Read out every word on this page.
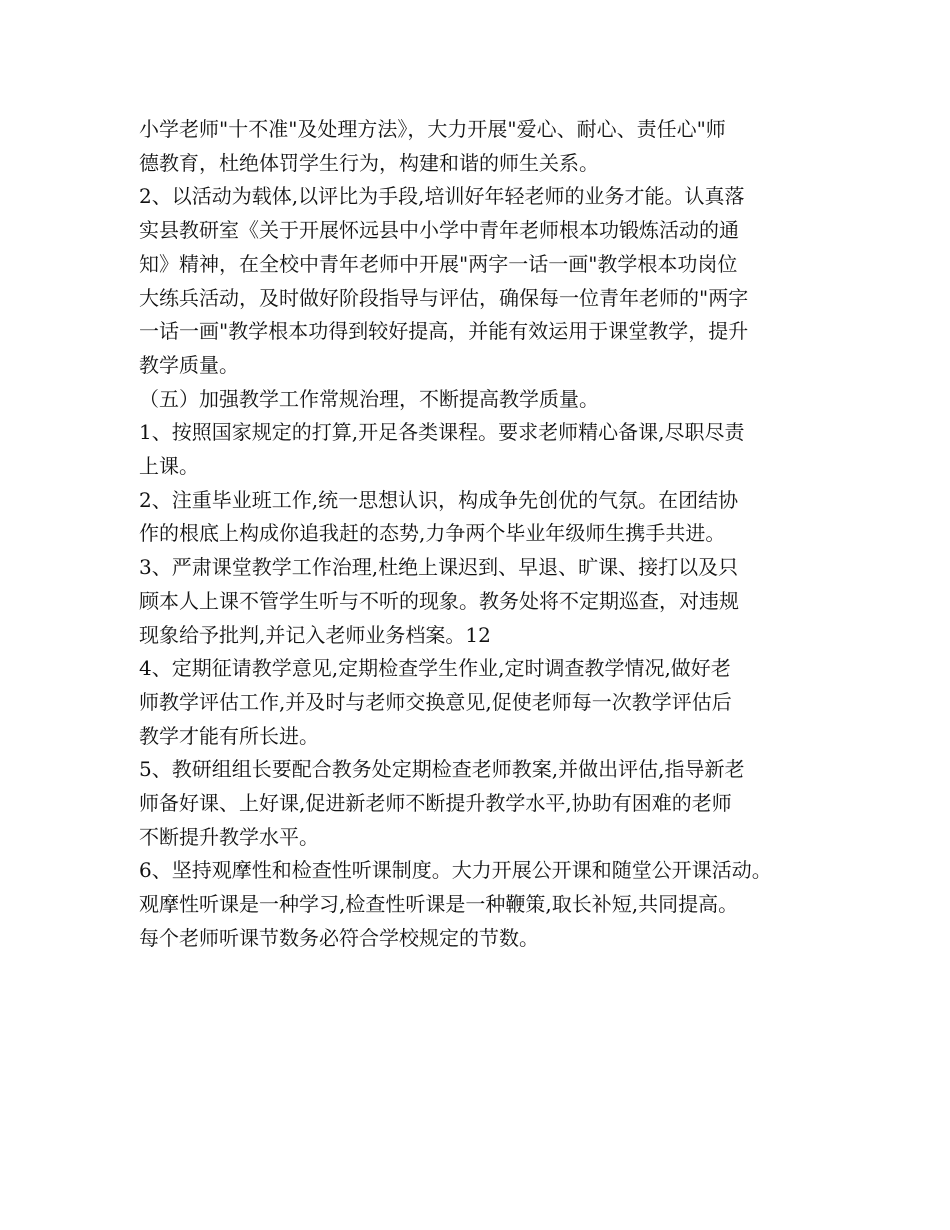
小学老师"十不准"及处理方法》，大力开展"爱心、耐心、责任心"师
德教育，杜绝体罚学生行为，构建和谐的师生关系。

2、以活动为载体,以评比为手段,培训好年轻老师的业务才能。认真落
实县教研室《关于开展怀远县中小学中青年老师根本功锻炼活动的通
知》精神，在全校中青年老师中开展"两字一话一画"教学根本功岗位
大练兵活动，及时做好阶段指导与评估，确保每一位青年老师的"两字
一话一画"教学根本功得到较好提高，并能有效运用于课堂教学，提升
教学质量。

（五）加强教学工作常规治理，不断提高教学质量。

1、按照国家规定的打算,开足各类课程。要求老师精心备课,尽职尽责
上课。

2、注重毕业班工作,统一思想认识，构成争先创优的气氛。在团结协
作的根底上构成你追我赶的态势,力争两个毕业年级师生携手共进。

3、严肃课堂教学工作治理,杜绝上课迟到、早退、旷课、接打以及只
顾本人上课不管学生听与不听的现象。教务处将不定期巡查，对违规
现象给予批判,并记入老师业务档案。12

4、定期征请教学意见,定期检查学生作业,定时调查教学情况,做好老
师教学评估工作,并及时与老师交换意见,促使老师每一次教学评估后
教学才能有所长进。

5、教研组组长要配合教务处定期检查老师教案,并做出评估,指导新老
师备好课、上好课,促进新老师不断提升教学水平,协助有困难的老师
不断提升教学水平。

6、坚持观摩性和检查性听课制度。大力开展公开课和随堂公开课活动。
观摩性听课是一种学习,检查性听课是一种鞭策,取长补短,共同提高。
每个老师听课节数务必符合学校规定的节数。
